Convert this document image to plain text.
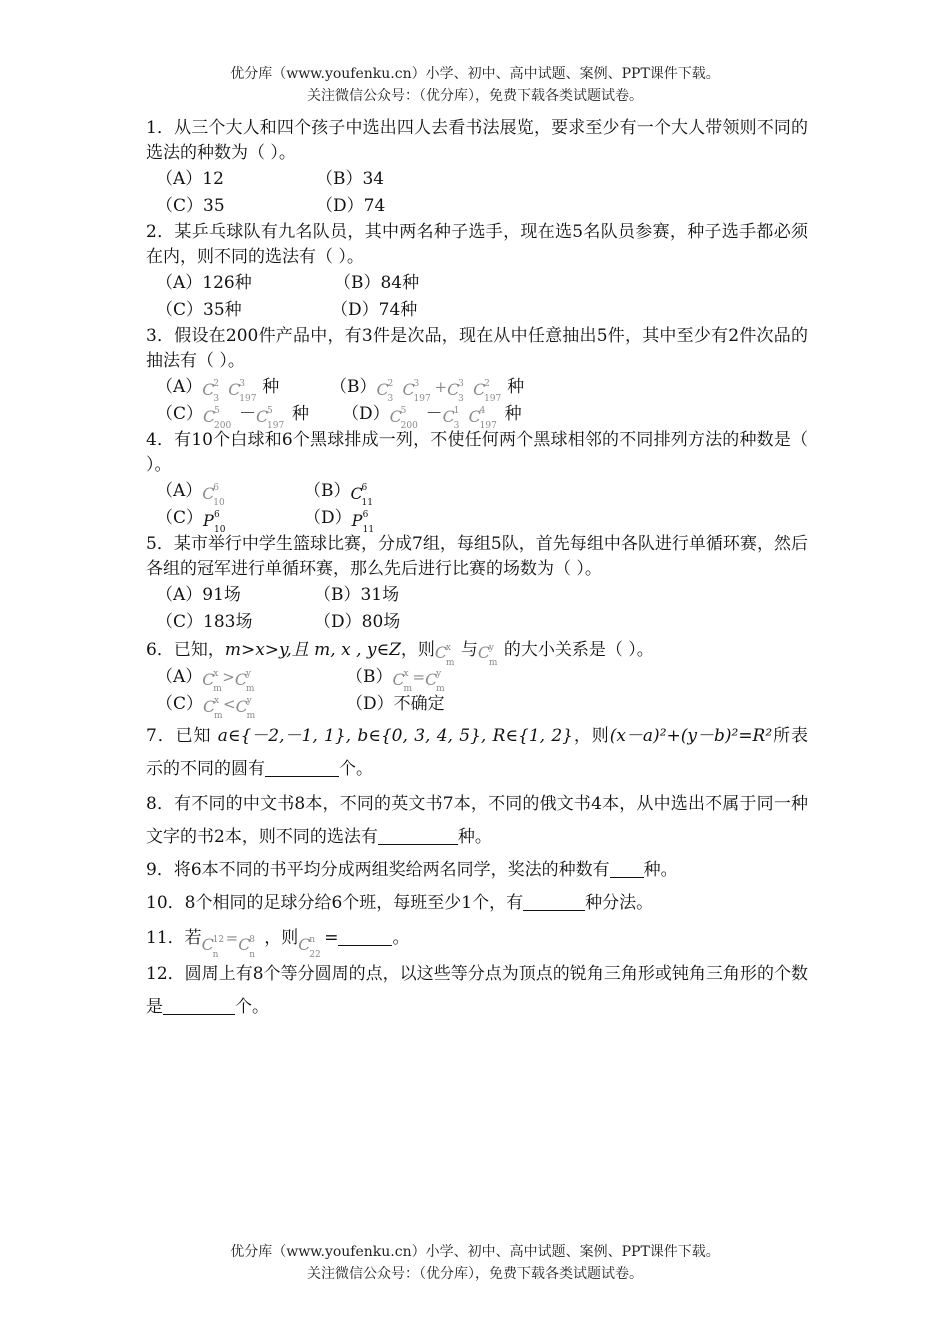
优分库（www.youfenku.cn）小学、初中、高中试题、案例、PPT课件下载。
关注微信公众号：（优分库），免费下载各类试题试卷。
1．从三个大人和四个孩子中选出四人去看书法展览，要求至少有一个大人带领则不同的选法的种数为（ ）。
（A）12	（B）34
（C）35	（D）74
2．某乒乓球队有九名队员，其中两名种子选手，现在选5名队员参赛，种子选手都必须在内，则不同的选法有（ ）。
（A）126种	（B）84种
（C）35种	（D）74种
3．假设在200件产品中，有3件是次品，现在从中任意抽出5件，其中至少有2件次品的抽法有（ ）。
（A） C
2
3 C
3
197
种	（B） C
2
3 C
3
197
+ C
3
3 C
2
197
种
（C） C
5
200
－ C
5
197
种 （D） C
5
200
－ C
1
3 C
4
197
种
4．有10个白球和6个黑球排成一列，不使任何两个黑球相邻的不同排列方法的种数是（ ）。
（A） C
6
10
（B） C
6
11
（C） P 6
10
（D） P 6
11
5．某市举行中学生篮球比赛，分成7组，每组5队，首先每组中各队进行单循环赛，然后各组的冠军进行单循环赛，那么先后进行比赛的场数为（ ）。
（A）91场	（B）31场
（C）183场	（D）80场
6．已知，m>x>y,且 m, x , y∈Z，则 C
x
m
与 C
y
m
的大小关系是（ ）。
（A） C
x
m
> C
y
m
（B） C
x
m
= C
y
m
（C） C
x
m
< C
y
m
（D）不确定
7．已知 a∈{－2,－1, 1}, b∈{0, 3, 4, 5}, R∈{1, 2}，则(x－a)²+(y－b)²=R²所表示的不同的圆有	个。
8．有不同的中文书8本，不同的英文书7本，不同的俄文书4本，从中选出不属于同一种文字的书2本，则不同的选法有	种。
9．将6本不同的书平均分成两组奖给两名同学，奖法的种数有 种。
10．8个相同的足球分给6个班，每班至少1个，有	种分法。
11．若 C
12
n
= C
8
n
，则 C
n
22
=	。
12．圆周上有8个等分圆周的点，以这些等分点为顶点的锐角三角形或钝角三角形的个数是	个。
优分库（www.youfenku.cn）小学、初中、高中试题、案例、PPT课件下载。
关注微信公众号：（优分库），免费下载各类试题试卷。
